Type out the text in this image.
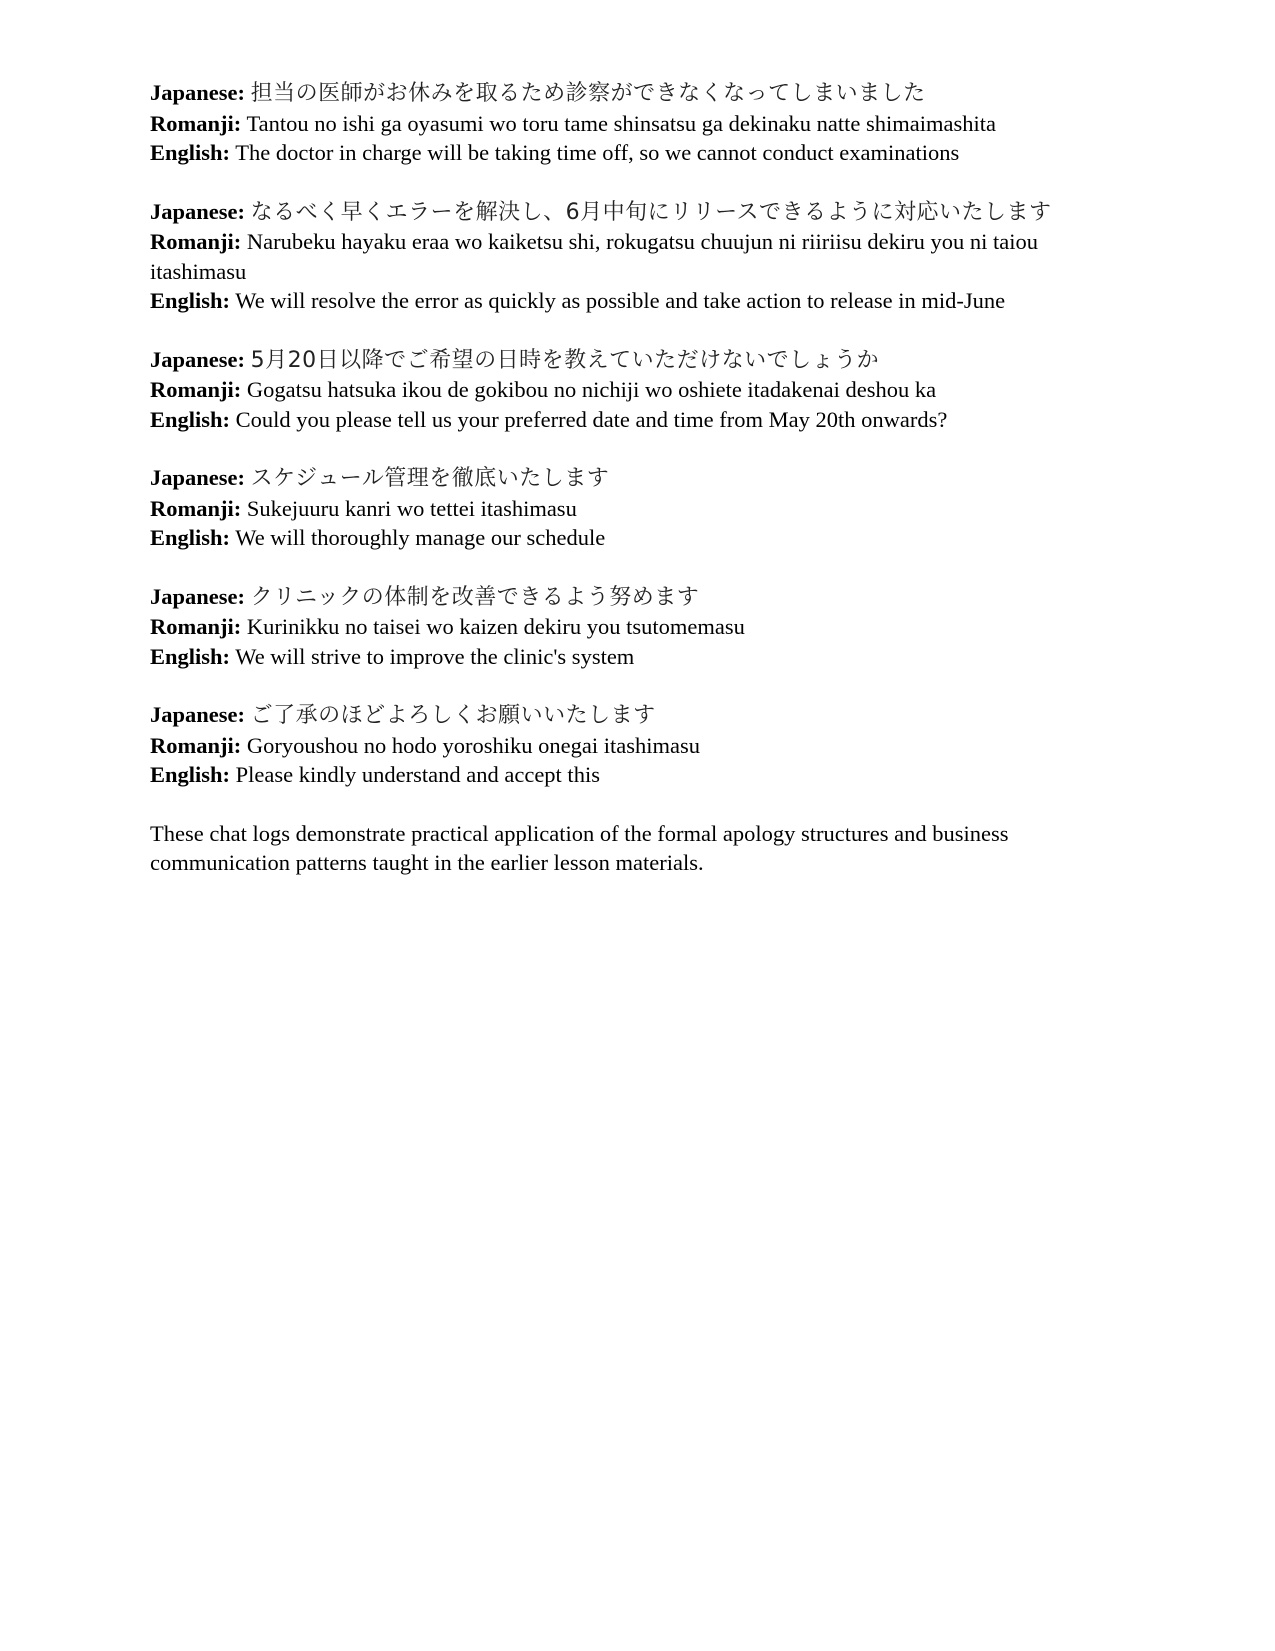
Japanese: 担当の医師がお休みを取るため診察ができなくなってしまいました

Romanji: Tantou no ishi ga oyasumi wo toru tame shinsatsu ga dekinaku natte shimaimashita

English: The doctor in charge will be taking time off, so we cannot conduct examinations

Japanese: なるべく早くエラーを解決し、6月中旬にリリースできるように対応いたします

Romanji: Narubeku hayaku eraa wo kaiketsu shi, rokugatsu chuujun ni riiriisu dekiru you ni taiou itashimasu

English: We will resolve the error as quickly as possible and take action to release in mid-June

Japanese: 5月20日以降でご希望の日時を教えていただけないでしょうか

Romanji: Gogatsu hatsuka ikou de gokibou no nichiji wo oshiete itadakenai deshou ka

English: Could you please tell us your preferred date and time from May 20th onwards?

Japanese: スケジュール管理を徹底いたします

Romanji: Sukejuuru kanri wo tettei itashimasu

English: We will thoroughly manage our schedule

Japanese: クリニックの体制を改善できるよう努めます

Romanji: Kurinikku no taisei wo kaizen dekiru you tsutomemasu

English: We will strive to improve the clinic's system

Japanese: ご了承のほどよろしくお願いいたします

Romanji: Goryoushou no hodo yoroshiku onegai itashimasu

English: Please kindly understand and accept this

These chat logs demonstrate practical application of the formal apology structures and business communication patterns taught in the earlier lesson materials.
